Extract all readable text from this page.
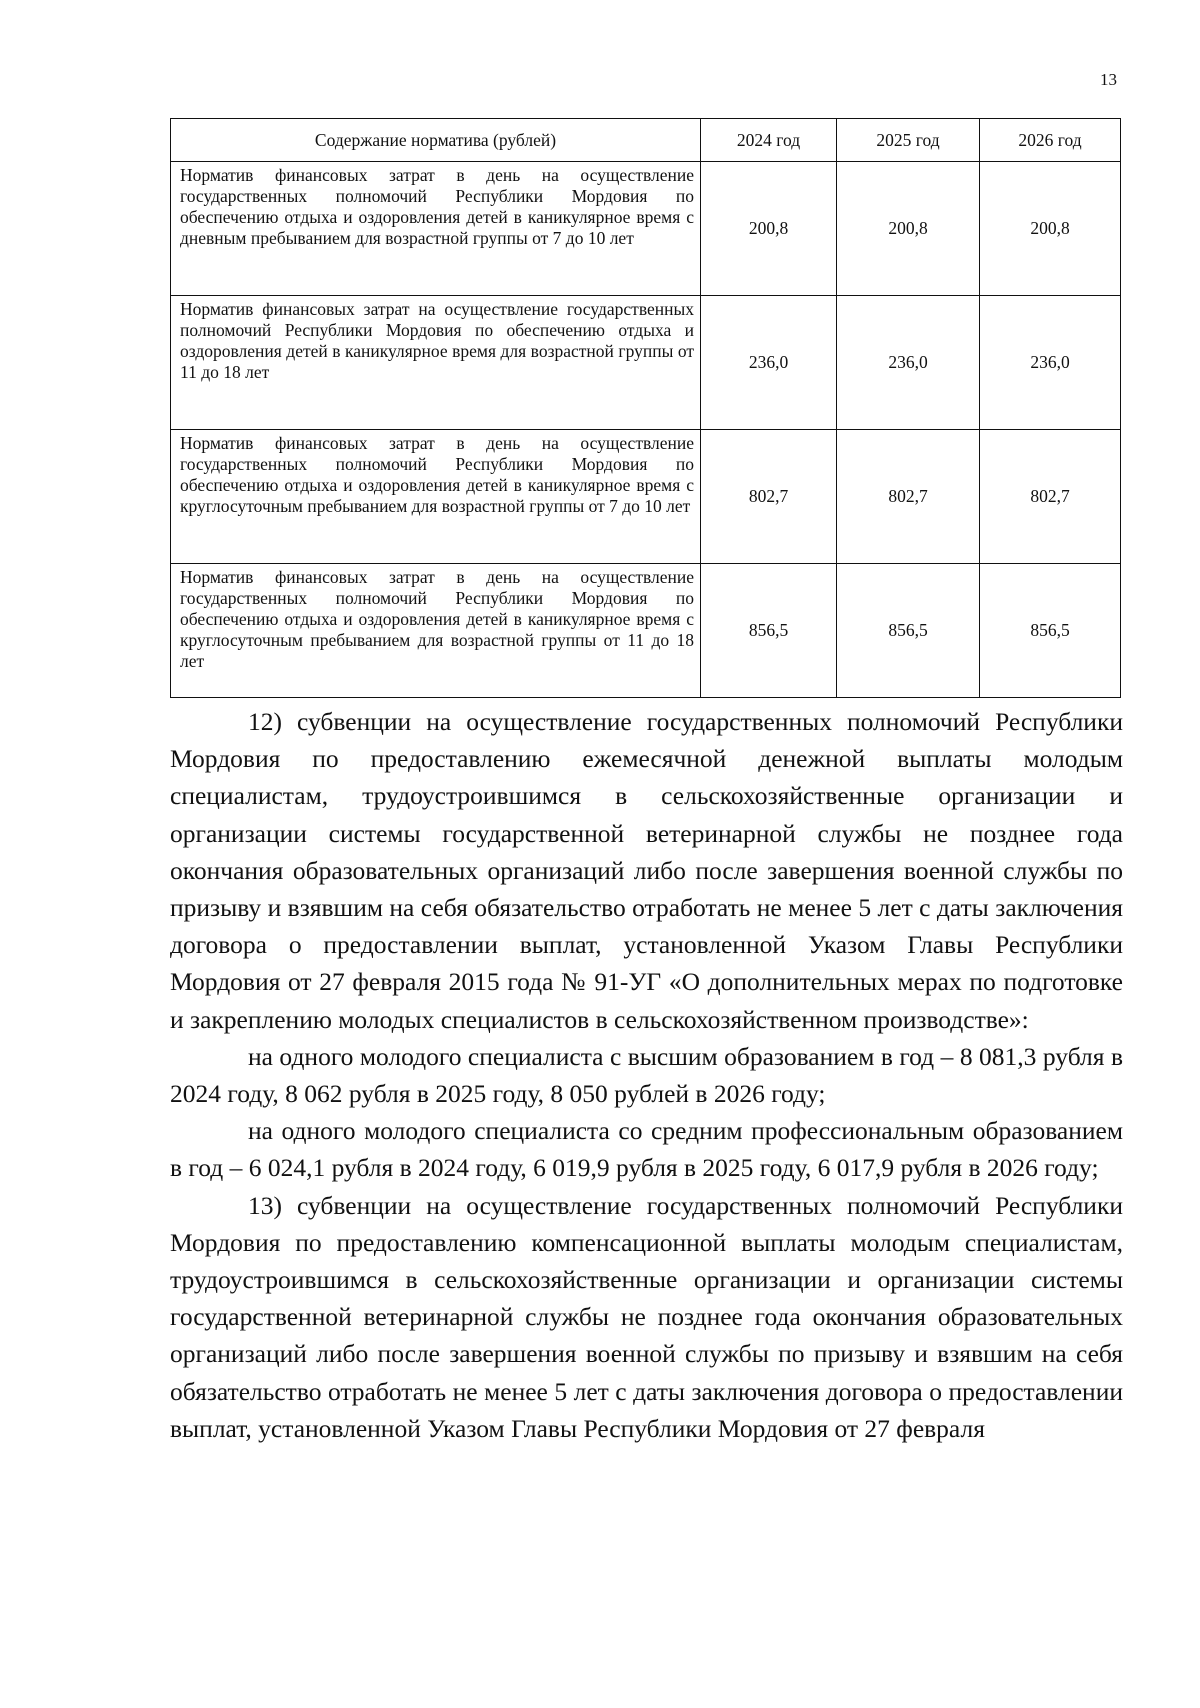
13
Содержание норматива (рублей)	2024 год	2025 год	2026 год
Норматив финансовых затрат в день на осуществление государственных полномочий Республики Мордовия по обеспечению отдыха и оздоровления детей в каникулярное время с дневным пребыванием для возрастной группы от 7 до 10 лет	200,8	200,8	200,8
Норматив финансовых затрат на осуществление государственных полномочий Республики Мордовия по обеспечению отдыха и оздоровления детей в каникулярное время для возрастной группы от 11 до 18 лет	236,0	236,0	236,0
Норматив финансовых затрат в день на осуществление государственных полномочий Республики Мордовия по обеспечению отдыха и оздоровления детей в каникулярное время с круглосуточным пребыванием для возрастной группы от 7 до 10 лет	802,7	802,7	802,7
Норматив финансовых затрат в день на осуществление государственных полномочий Республики Мордовия по обеспечению отдыха и оздоровления детей в каникулярное время с круглосуточным пребыванием для возрастной группы от 11 до 18 лет	856,5	856,5	856,5

12) субвенции на осуществление государственных полномочий Республики Мордовия по предоставлению ежемесячной денежной выплаты молодым специалистам, трудоустроившимся в сельскохозяйственные организации и организации системы государственной ветеринарной службы не позднее года окончания образовательных организаций либо после завершения военной службы по призыву и взявшим на себя обязательство отработать не менее 5 лет с даты заключения договора о предоставлении выплат, установленной Указом Главы Республики Мордовия от 27 февраля 2015 года № 91-УГ «О дополнительных мерах по подготовке и закреплению молодых специалистов в сельскохозяйственном производстве»:

на одного молодого специалиста с высшим образованием в год – 8 081,3 рубля в 2024 году, 8 062 рубля в 2025 году, 8 050 рублей в 2026 году;

на одного молодого специалиста со средним профессиональным образованием в год – 6 024,1 рубля в 2024 году, 6 019,9 рубля в 2025 году, 6 017,9 рубля в 2026 году;

13) субвенции на осуществление государственных полномочий Республики Мордовия по предоставлению компенсационной выплаты молодым специалистам, трудоустроившимся в сельскохозяйственные организации и организации системы государственной ветеринарной службы не позднее года окончания образовательных организаций либо после завершения военной службы по призыву и взявшим на себя обязательство отработать не менее 5 лет с даты заключения договора о предоставлении выплат, установленной Указом Главы Республики Мордовия от 27 февраля
